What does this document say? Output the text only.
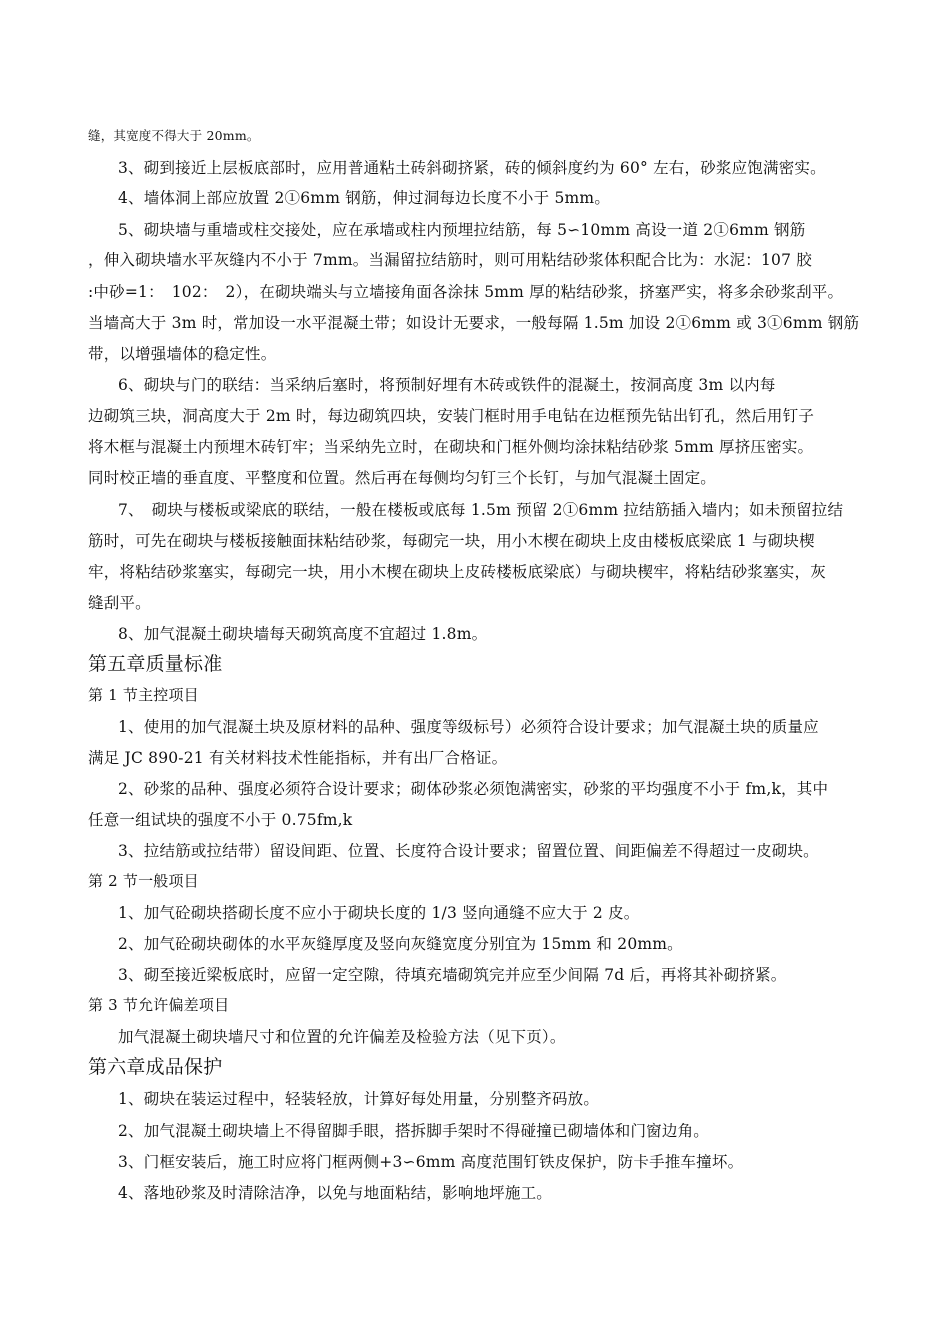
缝，其宽度不得大于 20mm。
3、砌到接近上层板底部时，应用普通粘土砖斜砌挤紧，砖的倾斜度约为 60° 左右，砂浆应饱满密实。
4、墙体洞上部应放置 2①6mm 钢筋，伸过洞每边长度不小于 5mm。
5、砌块墙与重墙或柱交接处，应在承墙或柱内预埋拉结筋，每 5∽10mm 高设一道 2①6mm 钢筋
，伸入砌块墙水平灰缝内不小于 7mm。当漏留拉结筋时，则可用粘结砂浆体积配合比为：水泥：107 胶
:中砂=1：　102：　2），在砌块端头与立墙接角面各涂抹 5mm 厚的粘结砂浆，挤塞严实，将多余砂浆刮平。
当墙高大于 3m 时，常加设一水平混凝土带；如设计无要求，一般每隔 1.5m 加设 2①6mm 或 3①6mm 钢筋
带，以增强墙体的稳定性。
6、砌块与门的联结：当采纳后塞时，将预制好埋有木砖或铁件的混凝土，按洞高度 3m 以内每
边砌筑三块，洞高度大于 2m 时，每边砌筑四块，安装门框时用手电钻在边框预先钻出钉孔，然后用钉子
将木框与混凝土内预埋木砖钉牢；当采纳先立时，在砌块和门框外侧均涂抹粘结砂浆 5mm 厚挤压密实。
同时校正墙的垂直度、平整度和位置。然后再在每侧均匀钉三个长钉，与加气混凝土固定。
7、　砌块与楼板或梁底的联结，一般在楼板或底每 1.5m 预留 2①6mm 拉结筋插入墙内；如未预留拉结
筋时，可先在砌块与楼板接触面抹粘结砂浆，每砌完一块，用小木楔在砌块上皮由楼板底梁底 1 与砌块楔
牢，将粘结砂浆塞实，每砌完一块，用小木楔在砌块上皮砖楼板底梁底）与砌块楔牢，将粘结砂浆塞实，灰
缝刮平。
8、加气混凝土砌块墙每天砌筑高度不宜超过 1.8m。
第五章质量标准
第 1 节主控项目
1、使用的加气混凝土块及原材料的品种、强度等级标号）必须符合设计要求；加气混凝土块的质量应
满足 JC 890-21 有关材料技术性能指标，并有出厂合格证。
2、砂浆的品种、强度必须符合设计要求；砌体砂浆必须饱满密实，砂浆的平均强度不小于 fm,k，其中
任意一组试块的强度不小于 0.75fm,k
3、拉结筋或拉结带）留设间距、位置、长度符合设计要求；留置位置、间距偏差不得超过一皮砌块。
第 2 节一般项目
1、加气砼砌块搭砌长度不应小于砌块长度的 1/3 竖向通缝不应大于 2 皮。
2、加气砼砌块砌体的水平灰缝厚度及竖向灰缝宽度分别宜为 15mm 和 20mm。
3、砌至接近梁板底时，应留一定空隙，待填充墙砌筑完并应至少间隔 7d 后，再将其补砌挤紧。
第 3 节允许偏差项目
加气混凝土砌块墙尺寸和位置的允许偏差及检验方法（见下页）。
第六章成品保护
1、砌块在装运过程中，轻装轻放，计算好每处用量，分别整齐码放。
2、加气混凝土砌块墙上不得留脚手眼，搭拆脚手架时不得碰撞已砌墙体和门窗边角。
3、门框安装后，施工时应将门框两侧+3∽6mm 高度范围钉铁皮保护，防卡手推车撞坏。
4、落地砂浆及时清除洁净，以免与地面粘结，影响地坪施工。
